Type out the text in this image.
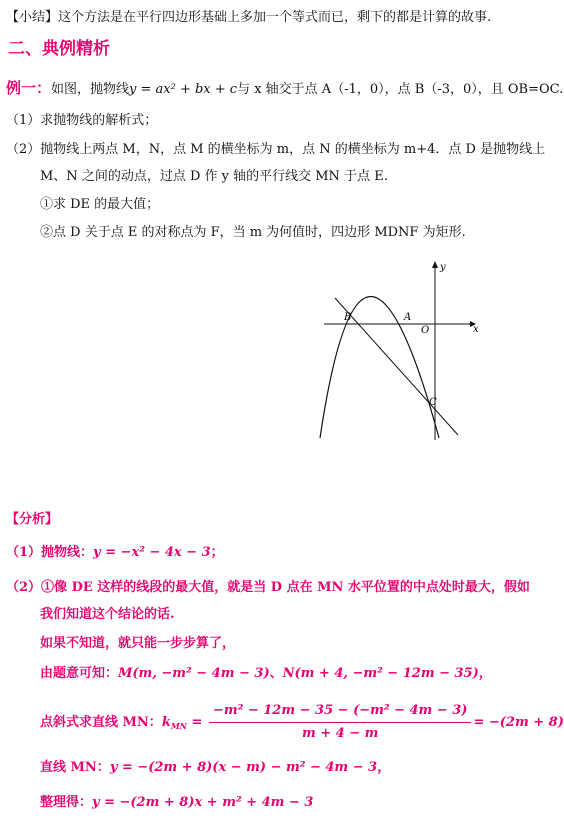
【小结】这个方法是在平行四边形基础上多加一个等式而已，剩下的都是计算的故事.
二、典例精析
例一：如图，抛物线y = ax² + bx + c与 x 轴交于点 A（-1，0），点 B（-3，0），且 OB=OC.
（1）求抛物线的解析式；
（2）抛物线上两点 M，N，点 M 的横坐标为 m，点 N 的横坐标为 m+4．点 D 是抛物线上
M、N 之间的动点，过点 D 作 y 轴的平行线交 MN 于点 E.
①求 DE 的最大值；
②点 D 关于点 E 的对称点为 F，当 m 为何值时，四边形 MDNF 为矩形.
x
y
O
A
B
C
【分析】
（1）抛物线：y = −x² − 4x − 3；
（2）①像 DE 这样的线段的最大值，就是当 D 点在 MN 水平位置的中点处时最大，假如
我们知道这个结论的话.
如果不知道，就只能一步步算了，
由题意可知：M(m, −m² − 4m − 3)、N(m + 4, −m² − 12m − 35)，
点斜式求直线 MN：$k_{MN} = \frac{\text{−m² − 12m − 35 − (−m² − 4m − 3)}}{m + 4 - m} = -(2m + 8)$
直线 MN：y = −(2m + 8)(x − m) − m² − 4m − 3，
整理得：y = −(2m + 8)x + m² + 4m − 3
